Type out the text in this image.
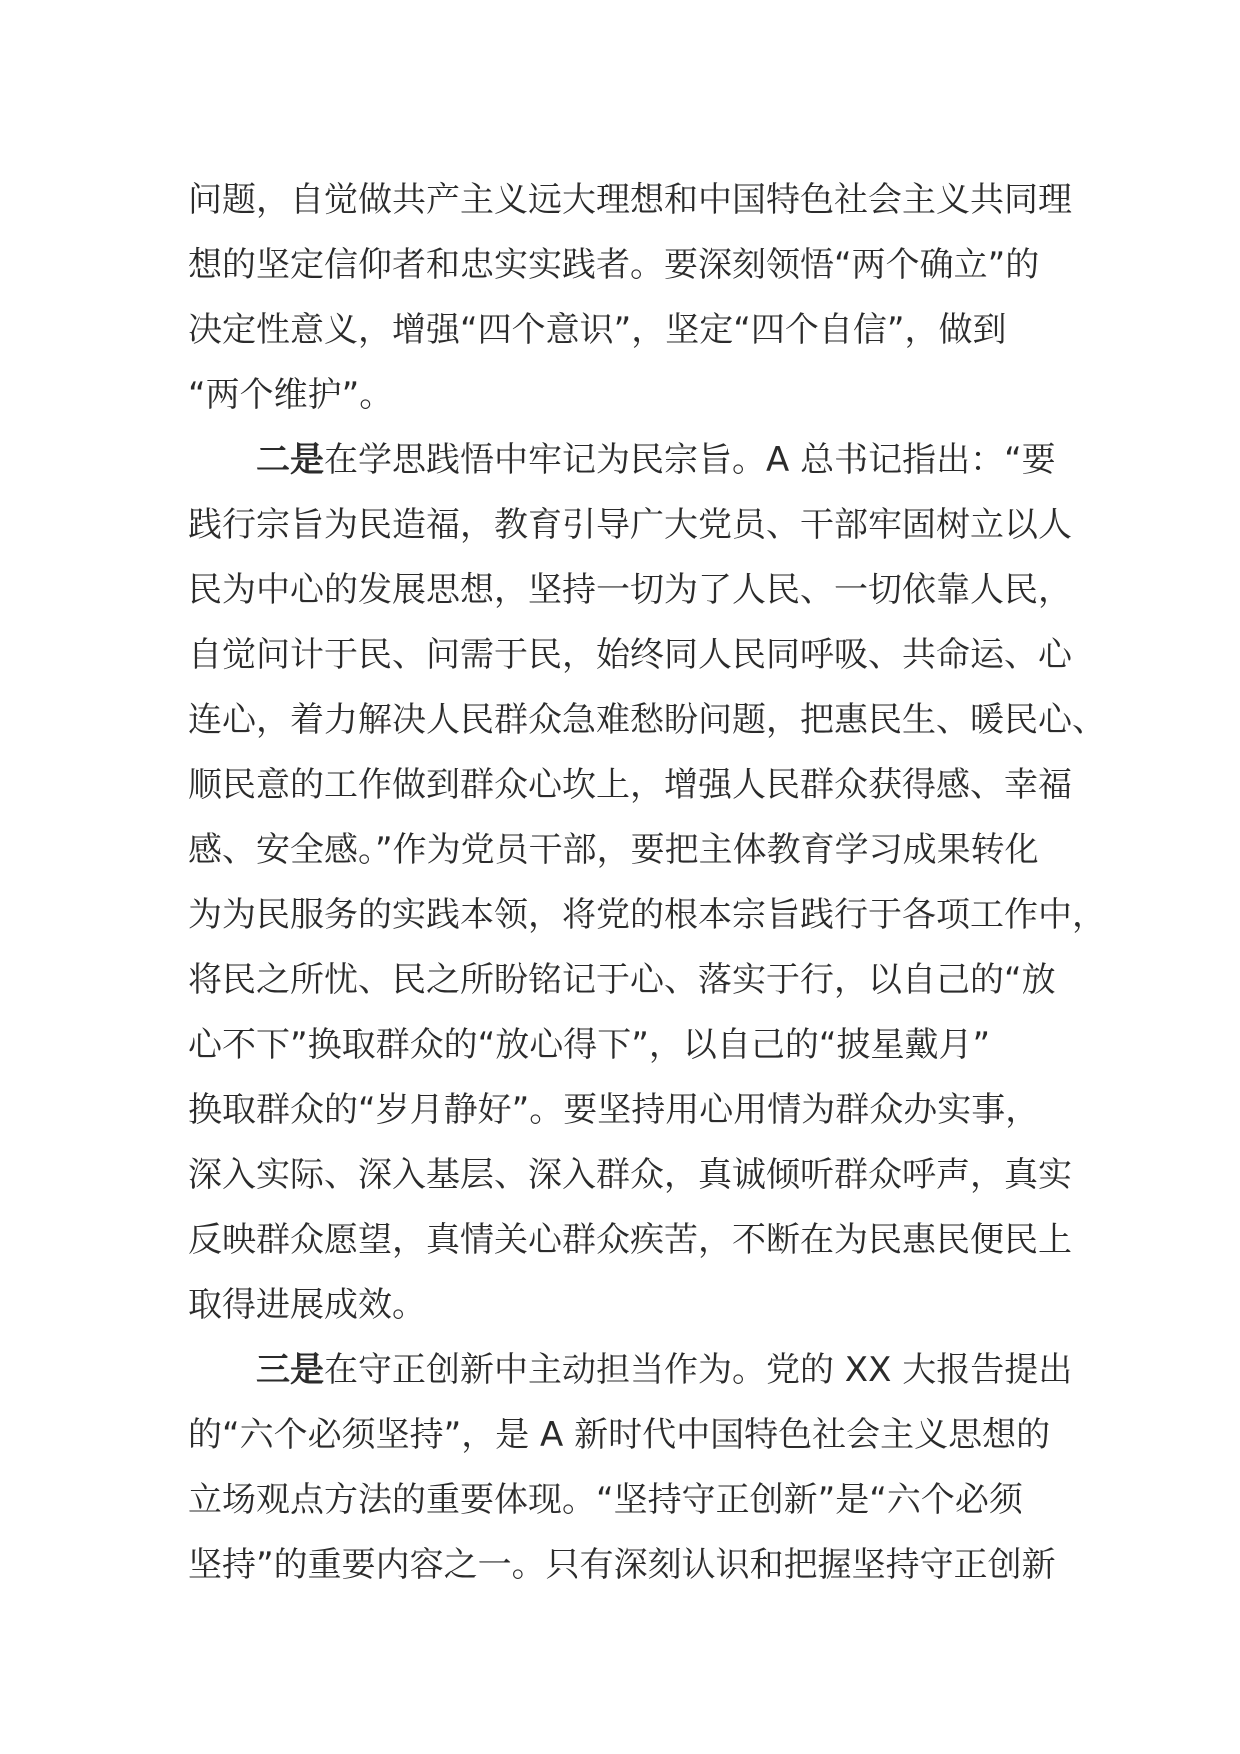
问题，自觉做共产主义远大理想和中国特色社会主义共同理
想的坚定信仰者和忠实实践者。要深刻领悟“两个确立”的
决定性意义，增强“四个意识”，坚定“四个自信”，做到
“两个维护”。
二是在学思践悟中牢记为民宗旨。A 总书记指出：“要
践行宗旨为民造福，教育引导广大党员、干部牢固树立以人
民为中心的发展思想，坚持一切为了人民、一切依靠人民，
自觉问计于民、问需于民，始终同人民同呼吸、共命运、心
连心，着力解决人民群众急难愁盼问题，把惠民生、暖民心、
顺民意的工作做到群众心坎上，增强人民群众获得感、幸福
感、安全感。”作为党员干部，要把主体教育学习成果转化
为为民服务的实践本领，将党的根本宗旨践行于各项工作中，
将民之所忧、民之所盼铭记于心、落实于行，以自己的“放
心不下”换取群众的“放心得下”，以自己的“披星戴月”
换取群众的“岁月静好”。要坚持用心用情为群众办实事，
深入实际、深入基层、深入群众，真诚倾听群众呼声，真实
反映群众愿望，真情关心群众疾苦，不断在为民惠民便民上
取得进展成效。
三是在守正创新中主动担当作为。党的 XX 大报告提出
的“六个必须坚持”，是 A 新时代中国特色社会主义思想的
立场观点方法的重要体现。“坚持守正创新”是“六个必须
坚持”的重要内容之一。只有深刻认识和把握坚持守正创新
